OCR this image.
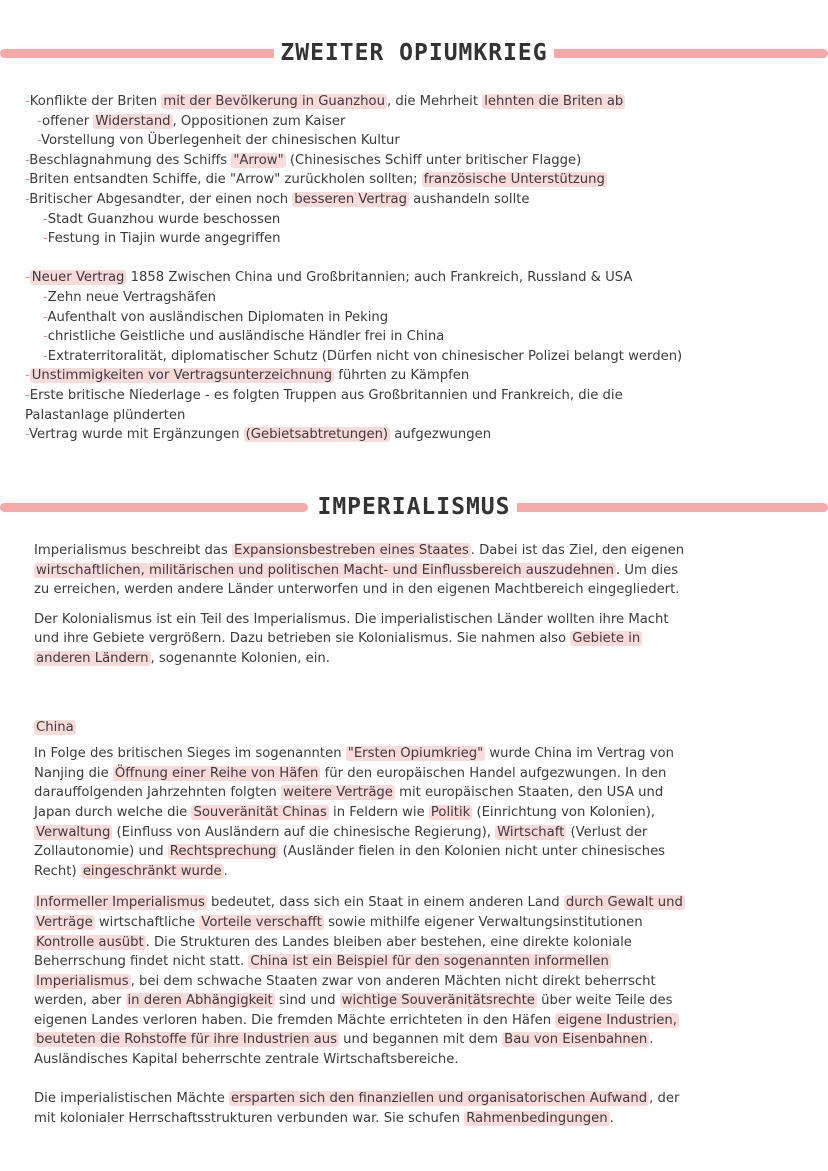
ZWEITER OPIUMKRIEG
-Konflikte der Briten mit der Bevölkerung in Guanzhou , die Mehrheit lehnten die Briten ab
-offener Widerstand , Oppositionen zum Kaiser
-Vorstellung von Überlegenheit der chinesischen Kultur
-Beschlagnahmung des Schiffs "Arrow" (Chinesisches Schiff unter britischer Flagge)
-Briten entsandten Schiffe, die "Arrow" zurückholen sollten; französische Unterstützung
-Britischer Abgesandter, der einen noch besseren Vertrag aushandeln sollte
-Stadt Guanzhou wurde beschossen
-Festung in Tiajin wurde angegriffen
- Neuer Vertrag 1858 Zwischen China und Großbritannien; auch Frankreich, Russland & USA
-Zehn neue Vertragshäfen
-Aufenthalt von ausländischen Diplomaten in Peking
-christliche Geistliche und ausländische Händler frei in China
-Extraterritoralität, diplomatischer Schutz (Dürfen nicht von chinesischer Polizei belangt werden)
- Unstimmigkeiten vor Vertragsunterzeichnung führten zu Kämpfen
-Erste britische Niederlage - es folgten Truppen aus Großbritannien und Frankreich, die die
Palastanlage plünderten
-Vertrag wurde mit Ergänzungen (Gebietsabtretungen) aufgezwungen
IMPERIALISMUS
Imperialismus beschreibt das Expansionsbestreben eines Staates . Dabei ist das Ziel, den eigenen
wirtschaftlichen, militärischen und politischen Macht- und Einflussbereich auszudehnen . Um dies
zu erreichen, werden andere Länder unterworfen und in den eigenen Machtbereich eingegliedert.
Der Kolonialismus ist ein Teil des Imperialismus. Die imperialistischen Länder wollten ihre Macht
und ihre Gebiete vergrößern. Dazu betrieben sie Kolonialismus. Sie nahmen also Gebiete in
anderen Ländern , sogenannte Kolonien, ein.
China
In Folge des britischen Sieges im sogenannten "Ersten Opiumkrieg" wurde China im Vertrag von
Nanjing die Öffnung einer Reihe von Häfen für den europäischen Handel aufgezwungen. In den
darauffolgenden Jahrzehnten folgten weitere Verträge mit europäischen Staaten, den USA und
Japan durch welche die Souveränität Chinas in Feldern wie Politik (Einrichtung von Kolonien),
Verwaltung (Einfluss von Ausländern auf die chinesische Regierung), Wirtschaft (Verlust der
Zollautonomie) und Rechtsprechung (Ausländer fielen in den Kolonien nicht unter chinesisches
Recht) eingeschränkt wurde .
Informeller Imperialismus bedeutet, dass sich ein Staat in einem anderen Land durch Gewalt und
Verträge wirtschaftliche Vorteile verschafft sowie mithilfe eigener Verwaltungsinstitutionen
Kontrolle ausübt . Die Strukturen des Landes bleiben aber bestehen, eine direkte koloniale
Beherrschung findet nicht statt. China ist ein Beispiel für den sogenannten informellen
Imperialismus , bei dem schwache Staaten zwar von anderen Mächten nicht direkt beherrscht
werden, aber in deren Abhängigkeit sind und wichtige Souveränitätsrechte über weite Teile des
eigenen Landes verloren haben. Die fremden Mächte errichteten in den Häfen eigene Industrien,
beuteten die Rohstoffe für ihre Industrien aus und begannen mit dem Bau von Eisenbahnen .
Ausländisches Kapital beherrschte zentrale Wirtschaftsbereiche.
Die imperialistischen Mächte ersparten sich den finanziellen und organisatorischen Aufwand , der
mit kolonialer Herrschaftsstrukturen verbunden war. Sie schufen Rahmenbedingungen .
